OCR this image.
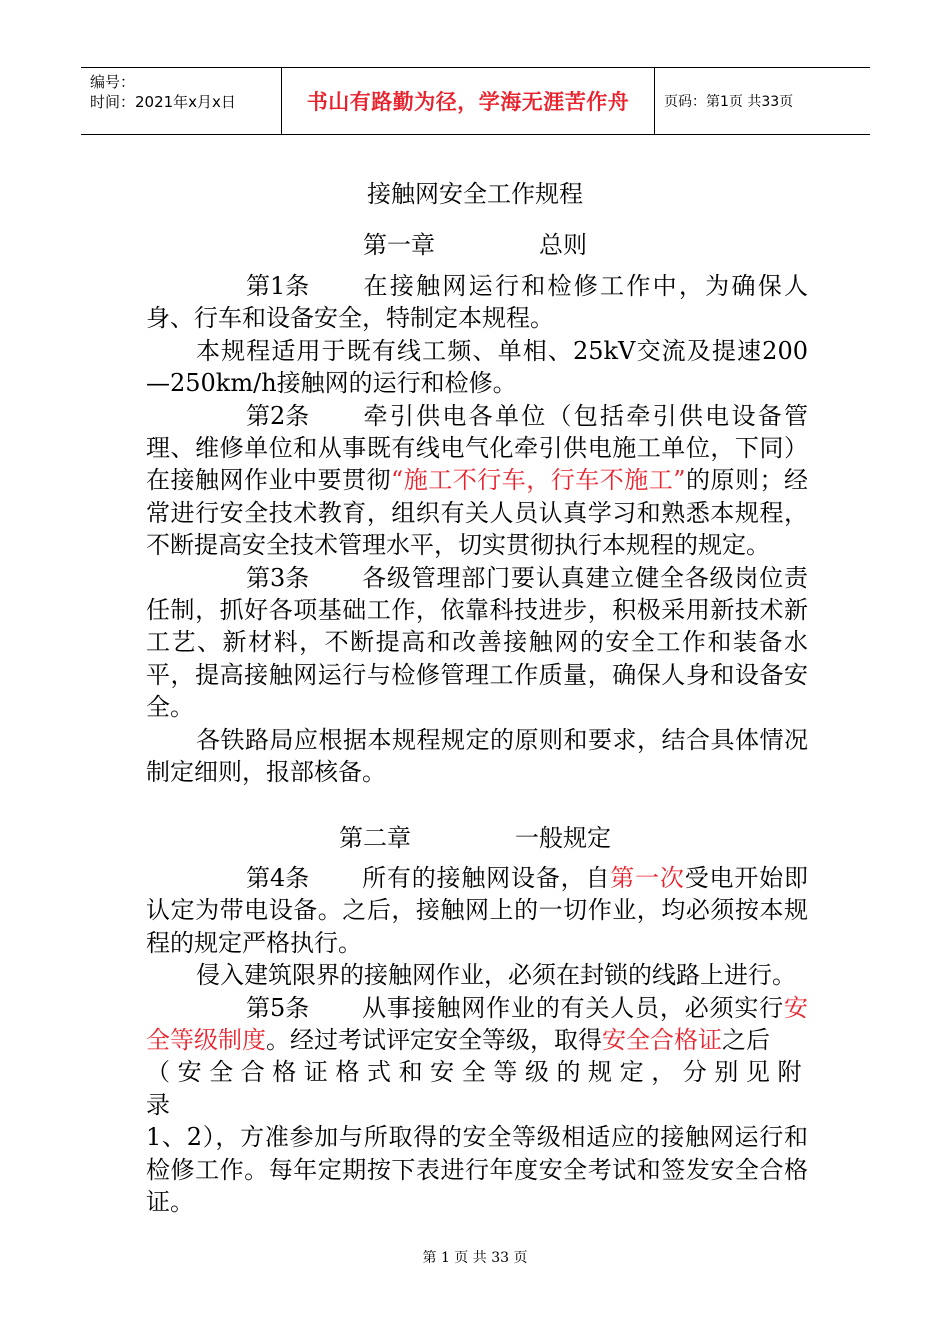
编号：
时间：2021年x月x日	书山有路勤为径，学海无涯苦作舟	页码：第1页 共33页
接触网安全工作规程
第一章	总则

第1条 在接触网运行和检修工作中，为确保人身、行车和设备安全，特制定本规程。

本规程适用于既有线工频、单相、25kV交流及提速200—250km/h接触网的运行和检修。

第2条 牵引供电各单位（包括牵引供电设备管理、维修单位和从事既有线电气化牵引供电施工单位，下同）在接触网作业中要贯彻“施工不行车，行车不施工”的原则；经常进行安全技术教育，组织有关人员认真学习和熟悉本规程，不断提高安全技术管理水平，切实贯彻执行本规程的规定。

第3条 各级管理部门要认真建立健全各级岗位责任制，抓好各项基础工作，依靠科技进步，积极采用新技术新工艺、新材料，不断提高和改善接触网的安全工作和装备水平，提高接触网运行与检修管理工作质量，确保人身和设备安全。

各铁路局应根据本规程规定的原则和要求，结合具体情况制定细则，报部核备。

第二章	一般规定

第4条 所有的接触网设备，自第一次受电开始即认定为带电设备。之后，接触网上的一切作业，均必须按本规程的规定严格执行。

侵入建筑限界的接触网作业，必须在封锁的线路上进行。

第5条 从事接触网作业的有关人员，必须实行安全等级制度。经过考试评定安全等级，取得安全合格证之后
（安全合格证格式和安全等级的规定，分别见附录
1、2），方准参加与所取得的安全等级相适应的接触网运行和检修工作。每年定期按下表进行年度安全考试和签发安全合格证。

第 1 页 共 33 页
